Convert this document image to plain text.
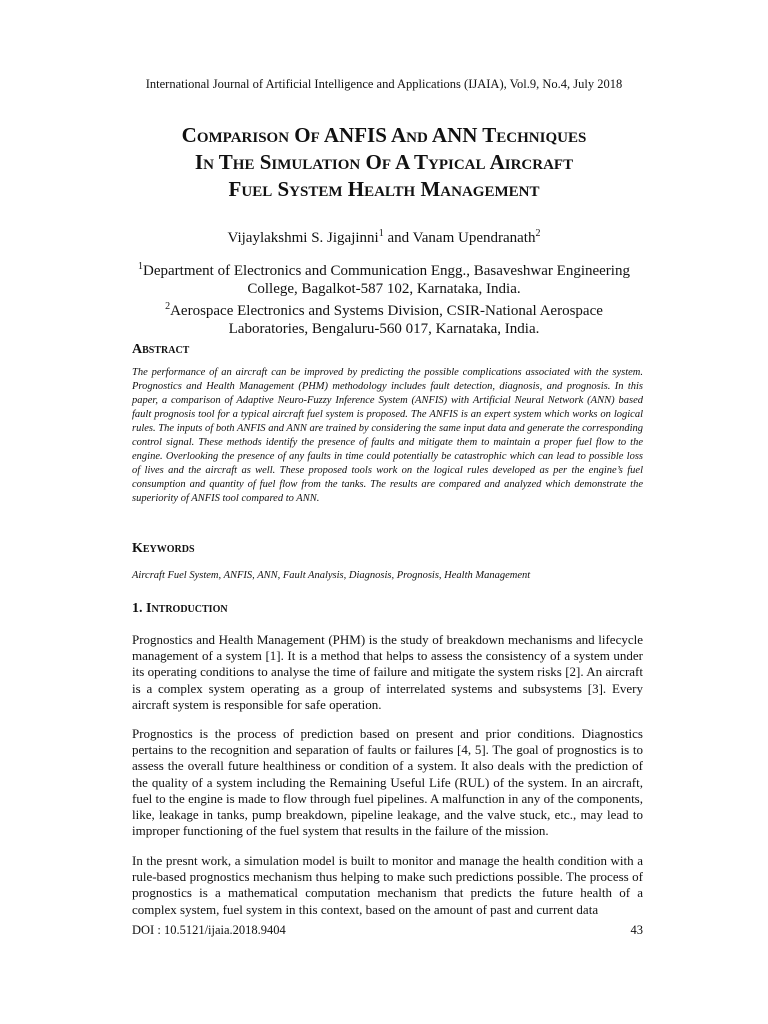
International Journal of Artificial Intelligence and Applications (IJAIA), Vol.9, No.4, July 2018
Comparison Of ANFIS And ANN Techniques
In The Simulation Of A Typical Aircraft
Fuel System Health Management
Vijaylakshmi S. Jigajinni$^1$ and Vanam Upendranath$^2$
$^1$Department of Electronics and Communication Engg., Basaveshwar Engineering
College, Bagalkot-587 102, Karnataka, India.
$^2$Aerospace Electronics and Systems Division, CSIR-National Aerospace
Laboratories, Bengaluru-560 017, Karnataka, India.
Abstract
The performance of an aircraft can be improved by predicting the possible complications associated with the system. Prognostics and Health Management (PHM) methodology includes fault detection, diagnosis, and prognosis. In this paper, a comparison of Adaptive Neuro-Fuzzy Inference System (ANFIS) with Artificial Neural Network (ANN) based fault prognosis tool for a typical aircraft fuel system is proposed. The ANFIS is an expert system which works on logical rules. The inputs of both ANFIS and ANN are trained by considering the same input data and generate the corresponding control signal. These methods identify the presence of faults and mitigate them to maintain a proper fuel flow to the engine. Overlooking the presence of any faults in time could potentially be catastrophic which can lead to possible loss of lives and the aircraft as well. These proposed tools work on the logical rules developed as per the engine’s fuel consumption and quantity of fuel flow from the tanks. The results are compared and analyzed which demonstrate the superiority of ANFIS tool compared to ANN.
Keywords
Aircraft Fuel System, ANFIS, ANN, Fault Analysis, Diagnosis, Prognosis, Health Management
1. Introduction
Prognostics and Health Management (PHM) is the study of breakdown mechanisms and lifecycle management of a system [1]. It is a method that helps to assess the consistency of a system under its operating conditions to analyse the time of failure and mitigate the system risks [2]. An aircraft is a complex system operating as a group of interrelated systems and subsystems [3]. Every aircraft system is responsible for safe operation.
Prognostics is the process of prediction based on present and prior conditions. Diagnostics pertains to the recognition and separation of faults or failures [4, 5]. The goal of prognostics is to assess the overall future healthiness or condition of a system. It also deals with the prediction of the quality of a system including the Remaining Useful Life (RUL) of the system. In an aircraft, fuel to the engine is made to flow through fuel pipelines. A malfunction in any of the components, like, leakage in tanks, pump breakdown, pipeline leakage, and the valve stuck, etc., may lead to improper functioning of the fuel system that results in the failure of the mission.
In the presnt work, a simulation model is built to monitor and manage the health condition with a rule-based prognostics mechanism thus helping to make such predictions possible. The process of prognostics is a mathematical computation mechanism that predicts the future health of a complex system, fuel system in this context, based on the amount of past and current data
DOI : 10.5121/ijaia.2018.9404	43
